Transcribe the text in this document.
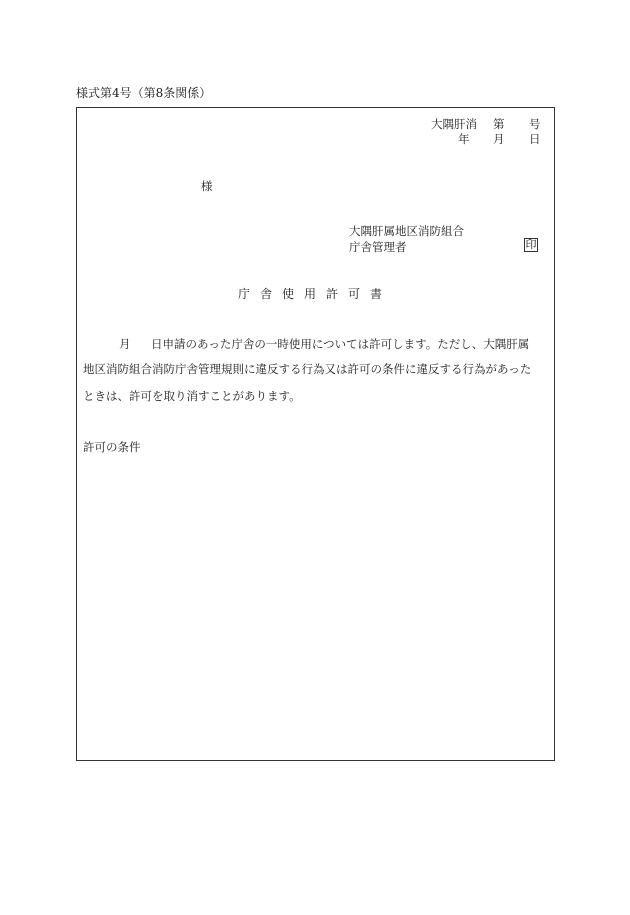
様式第4号（第8条関係）
大隅肝消 第 号
年 月 日
様
大隅肝属地区消防組合
庁舎管理者	印
庁舎使用許可書
月 日申請のあった庁舎の一時使用については許可します。ただし、大隅肝属
地区消防組合消防庁舎管理規則に違反する行為又は許可の条件に違反する行為があった
ときは、許可を取り消すことがあります。
許可の条件
